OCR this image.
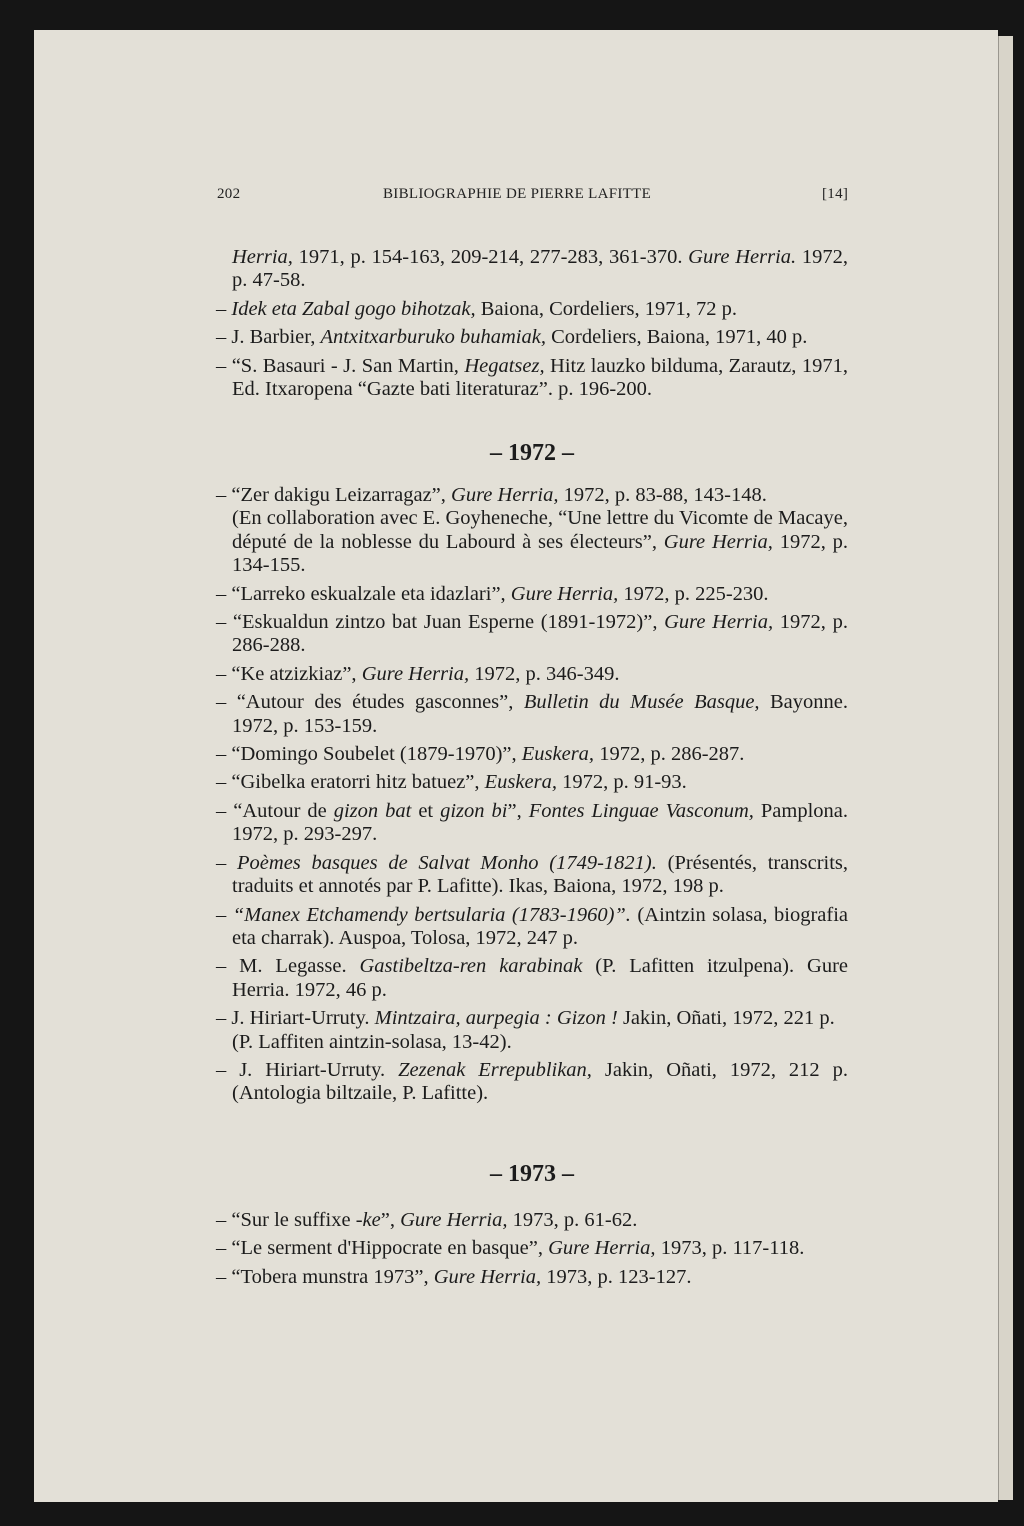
202	BIBLIOGRAPHIE DE PIERRE LAFITTE	[14]
Herria, 1971, p. 154-163, 209-214, 277-283, 361-370. Gure Herria. 1972, p. 47-58.
– Idek eta Zabal gogo bihotzak, Baiona, Cordeliers, 1971, 72 p.
– J. Barbier, Antxitxarburuko buhamiak, Cordeliers, Baiona, 1971, 40 p.
– “S. Basauri - J. San Martin, Hegatsez, Hitz lauzko bilduma, Zarautz, 1971, Ed. Itxaropena “Gazte bati literaturaz”. p. 196-200.
– 1972 –
– “Zer dakigu Leizarragaz”, Gure Herria, 1972, p. 83-88, 143-148.
(En collaboration avec E. Goyheneche, “Une lettre du Vicomte de Macaye, député de la noblesse du Labourd à ses électeurs”, Gure Herria, 1972, p. 134-155.
– “Larreko eskualzale eta idazlari”, Gure Herria, 1972, p. 225-230.
– “Eskualdun zintzo bat Juan Esperne (1891-1972)”, Gure Herria, 1972, p. 286-288.
– “Ke atzizkiaz”, Gure Herria, 1972, p. 346-349.
– “Autour des études gasconnes”, Bulletin du Musée Basque, Bayonne. 1972, p. 153-159.
– “Domingo Soubelet (1879-1970)”, Euskera, 1972, p. 286-287.
– “Gibelka eratorri hitz batuez”, Euskera, 1972, p. 91-93.
– “Autour de gizon bat et gizon bi”, Fontes Linguae Vasconum, Pamplona. 1972, p. 293-297.
– Poèmes basques de Salvat Monho (1749-1821). (Présentés, transcrits, traduits et annotés par P. Lafitte). Ikas, Baiona, 1972, 198 p.
– “Manex Etchamendy bertsularia (1783-1960)”. (Aintzin solasa, biografia eta charrak). Auspoa, Tolosa, 1972, 247 p.
– M. Legasse. Gastibeltza-ren karabinak (P. Lafitten itzulpena). Gure Herria. 1972, 46 p.
– J. Hiriart-Urruty. Mintzaira, aurpegia : Gizon ! Jakin, Oñati, 1972, 221 p.
(P. Laffiten aintzin-solasa, 13-42).
– J. Hiriart-Urruty. Zezenak Errepublikan, Jakin, Oñati, 1972, 212 p. (Antologia biltzaile, P. Lafitte).
– 1973 –
– “Sur le suffixe -ke”, Gure Herria, 1973, p. 61-62.
– “Le serment d'Hippocrate en basque”, Gure Herria, 1973, p. 117-118.
– “Tobera munstra 1973”, Gure Herria, 1973, p. 123-127.
